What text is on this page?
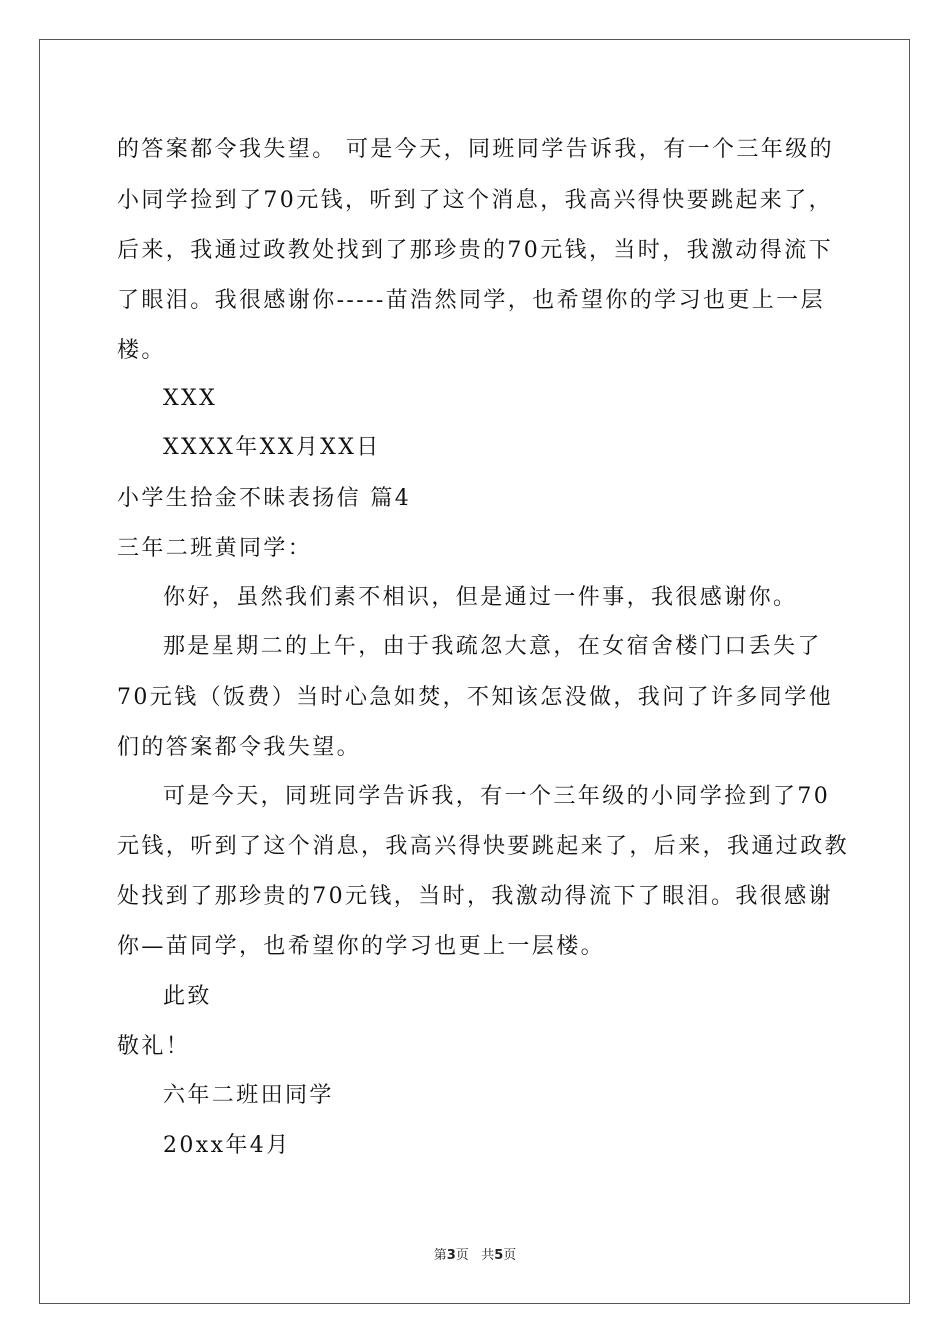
的答案都令我失望。 可是今天，同班同学告诉我，有一个三年级的
小同学捡到了70元钱，听到了这个消息，我高兴得快要跳起来了，
后来，我通过政教处找到了那珍贵的70元钱，当时，我激动得流下
了眼泪。我很感谢你-----苗浩然同学，也希望你的学习也更上一层
楼。
XXX
XXXX年XX月XX日
小学生拾金不昧表扬信 篇4
三年二班黄同学：
你好，虽然我们素不相识，但是通过一件事，我很感谢你。
那是星期二的上午，由于我疏忽大意，在女宿舍楼门口丢失了
70元钱（饭费）当时心急如焚，不知该怎没做，我问了许多同学他
们的答案都令我失望。
可是今天，同班同学告诉我，有一个三年级的小同学捡到了70
元钱，听到了这个消息，我高兴得快要跳起来了，后来，我通过政教
处找到了那珍贵的70元钱，当时，我激动得流下了眼泪。我很感谢
你—苗同学，也希望你的学习也更上一层楼。
此致
敬礼！
六年二班田同学
20xx年4月
第3页   共5页
